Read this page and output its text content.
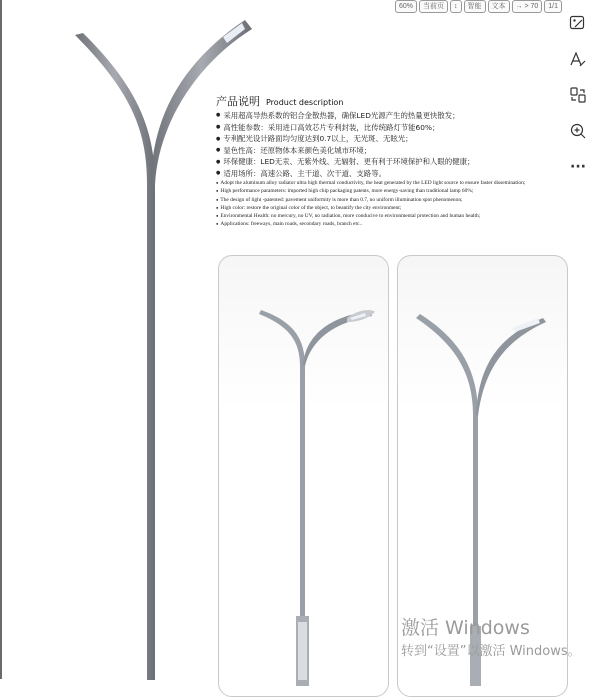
60%	当前页	↕	智能	文本	→ > 70	1/1
产品说明 Product description
● 采用超高导热系数的铝合金散热器，确保LED光源产生的热量更快散发；
● 高性能参数：采用进口高效芯片专利封装，比传统路灯节能60%；
● 专利配光设计路面均匀度达到0.7以上，无光斑、无眩光；
● 显色性高：还原物体本来颜色美化城市环境；
● 环保健康：LED无汞、无紫外线、无辐射、更有利于环境保护和人眼的健康；
● 适用场所：高速公路、主干道、次干道、支路等。
● Adopt the aluminum alloy radiator ultra high thermal conductivity, the heat generated by the LED light source to ensure faster dissemination;
● High performance parameters: imported high chip packaging patents, more energy-saving than traditional lamp 60%;
● The design of light -patented: pavement uniformity is more than 0.7, no uniform illumination spot phenomenon;
● High color: restore the original color of the object, to beautify the city environment;
● Environmental Health: no mercury, no UV, no radiation, more conducive to environmental protection and human health;
● Applications: freeways, main roads, secondary roads, branch etc..
···
激活 Windows
转到“设置”以激活 Windows。
